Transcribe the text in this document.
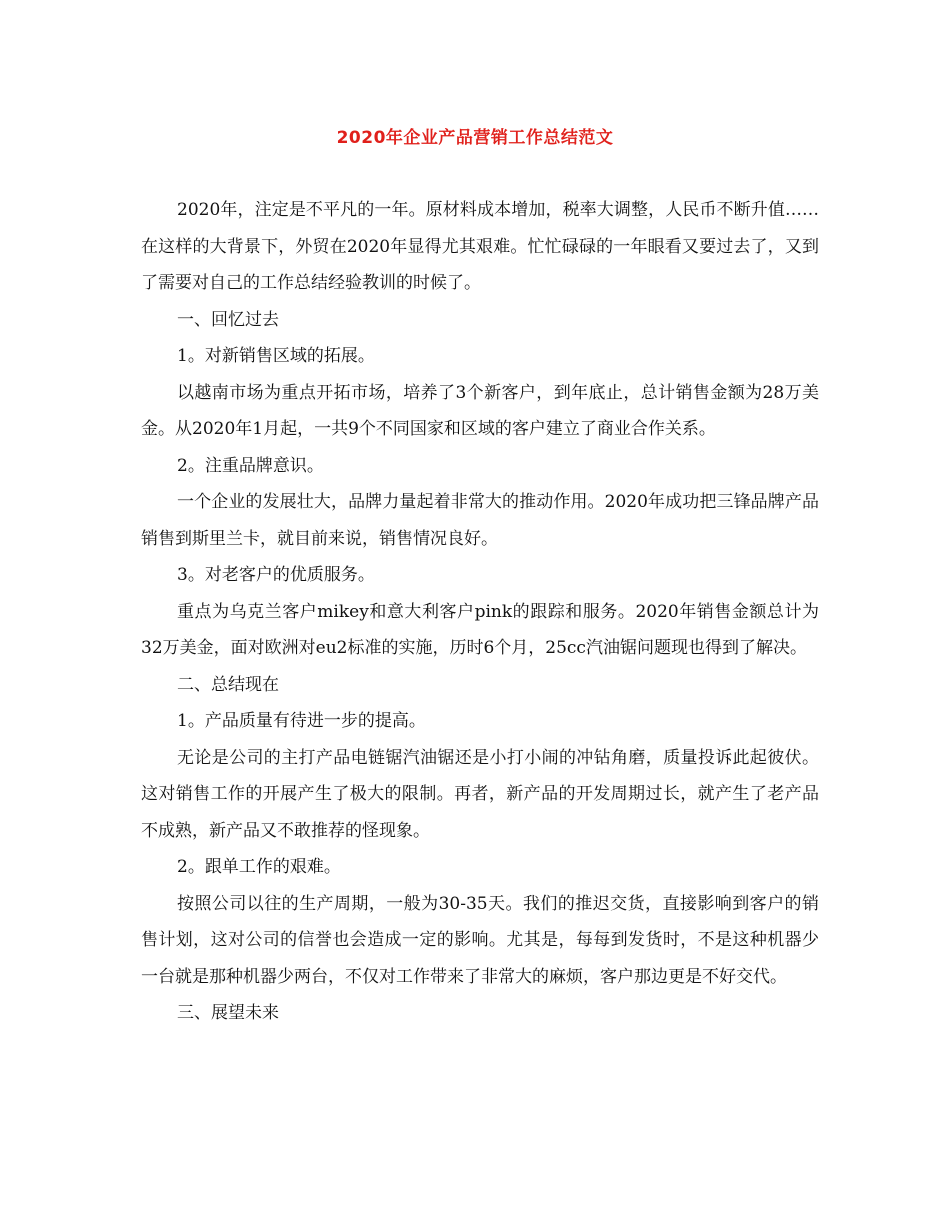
2020年企业产品营销工作总结范文

2020年，注定是不平凡的一年。原材料成本增加，税率大调整，人民币不断升值……在这样的大背景下，外贸在2020年显得尤其艰难。忙忙碌碌的一年眼看又要过去了，又到了需要对自己的工作总结经验教训的时候了。

一、回忆过去

1。对新销售区域的拓展。

以越南市场为重点开拓市场，培养了3个新客户，到年底止，总计销售金额为28万美金。从2020年1月起，一共9个不同国家和区域的客户建立了商业合作关系。

2。注重品牌意识。

一个企业的发展壮大，品牌力量起着非常大的推动作用。2020年成功把三锋品牌产品销售到斯里兰卡，就目前来说，销售情况良好。

3。对老客户的优质服务。

重点为乌克兰客户mikey和意大利客户pink的跟踪和服务。2020年销售金额总计为32万美金，面对欧洲对eu2标准的实施，历时6个月，25cc汽油锯问题现也得到了解决。

二、总结现在

1。产品质量有待进一步的提高。

无论是公司的主打产品电链锯汽油锯还是小打小闹的冲钻角磨，质量投诉此起彼伏。这对销售工作的开展产生了极大的限制。再者，新产品的开发周期过长，就产生了老产品不成熟，新产品又不敢推荐的怪现象。

2。跟单工作的艰难。

按照公司以往的生产周期，一般为30-35天。我们的推迟交货，直接影响到客户的销售计划，这对公司的信誉也会造成一定的影响。尤其是，每每到发货时，不是这种机器少一台就是那种机器少两台，不仅对工作带来了非常大的麻烦，客户那边更是不好交代。

三、展望未来
